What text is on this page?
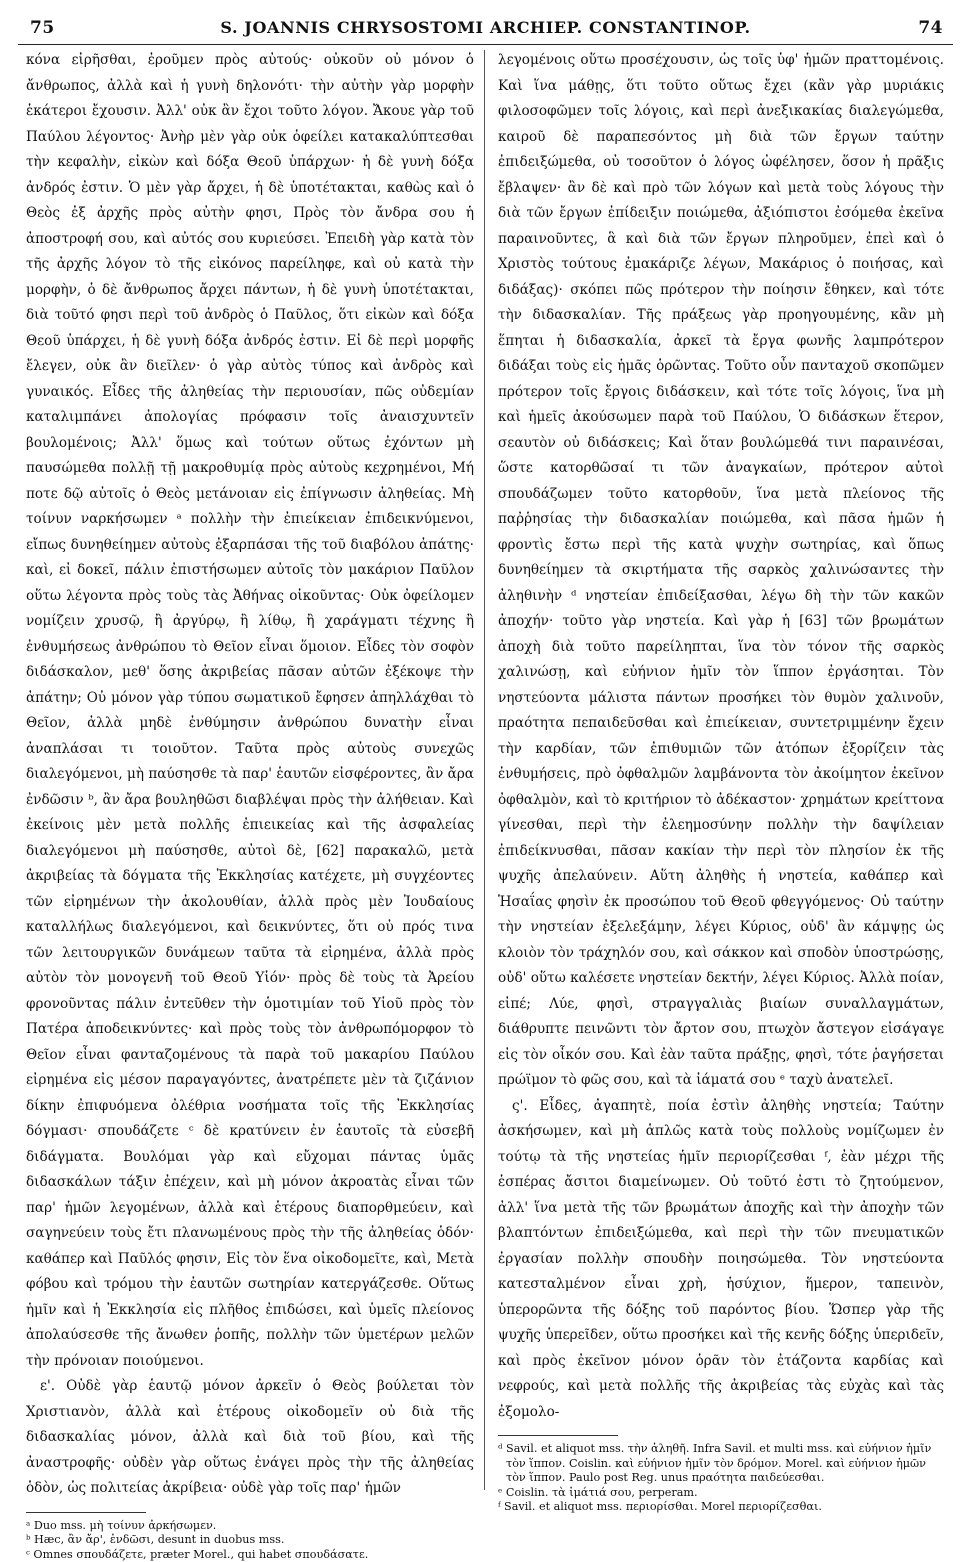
75	S. JOANNIS CHRYSOSTOMI ARCHIEP. CONSTANTINOP.	74

κόνα εἰρῆσθαι, ἐροῦμεν πρὸς αὐτούς· οὐκοῦν οὐ μόνον ὁ ἄνθρωπος, ἀλλὰ καὶ ἡ γυνὴ δηλονότι· τὴν αὐτὴν γὰρ μορφὴν ἑκάτεροι ἔχουσιν. Ἀλλ' οὐκ ἂν ἔχοι τοῦτο λόγον. Ἄκουε γὰρ τοῦ Παύλου λέγοντος· Ἀνὴρ μὲν γὰρ οὐκ ὀφείλει κατακαλύπτεσθαι τὴν κεφαλὴν, εἰκὼν καὶ δόξα Θεοῦ ὑπάρχων· ἡ δὲ γυνὴ δόξα ἀνδρός ἐστιν. Ὁ μὲν γὰρ ἄρχει, ἡ δὲ ὑποτέτακται, καθὼς καὶ ὁ Θεὸς ἐξ ἀρχῆς πρὸς αὐτὴν φησι, Πρὸς τὸν ἄνδρα σου ἡ ἀποστροφή σου, καὶ αὐτός σου κυριεύσει. Ἐπειδὴ γὰρ κατὰ τὸν τῆς ἀρχῆς λόγον τὸ τῆς εἰκόνος παρείληφε, καὶ οὐ κατὰ τὴν μορφὴν, ὁ δὲ ἄνθρωπος ἄρχει πάντων, ἡ δὲ γυνὴ ὑποτέτακται, διὰ τοῦτό φησι περὶ τοῦ ἀνδρὸς ὁ Παῦλος, ὅτι εἰκὼν καὶ δόξα Θεοῦ ὑπάρχει, ἡ δὲ γυνὴ δόξα ἀνδρός ἐστιν. Εἰ δὲ περὶ μορφῆς ἔλεγεν, οὐκ ἂν διεῖλεν· ὁ γὰρ αὐτὸς τύπος καὶ ἀνδρὸς καὶ γυναικός. Εἶδες τῆς ἀληθείας τὴν περιουσίαν, πῶς οὐδεμίαν καταλιμπάνει ἀπολογίας πρόφασιν τοῖς ἀναισχυντεῖν βουλομένοις; Ἀλλ' ὅμως καὶ τούτων οὕτως ἐχόντων μὴ παυσώμεθα πολλῇ τῇ μακροθυμίᾳ πρὸς αὐτοὺς κεχρημένοι, Μή ποτε δῷ αὐτοῖς ὁ Θεὸς μετάνοιαν εἰς ἐπίγνωσιν ἀληθείας. Μὴ τοίνυν ναρκήσωμεν ᵃ πολλὴν τὴν ἐπιείκειαν ἐπιδεικνύμενοι, εἴπως δυνηθείημεν αὐτοὺς ἐξαρπάσαι τῆς τοῦ διαβόλου ἀπάτης· καὶ, εἰ δοκεῖ, πάλιν ἐπιστήσωμεν αὐτοῖς τὸν μακάριον Παῦλον οὕτω λέγοντα πρὸς τοὺς τὰς Ἀθήνας οἰκοῦντας· Οὐκ ὀφείλομεν νομίζειν χρυσῷ, ἢ ἀργύρῳ, ἢ λίθῳ, ἢ χαράγματι τέχνης ἢ ἐνθυμήσεως ἀνθρώπου τὸ Θεῖον εἶναι ὅμοιον. Εἶδες τὸν σοφὸν διδάσκαλον, μεθ' ὅσης ἀκριβείας πᾶσαν αὐτῶν ἐξέκοψε τὴν ἀπάτην; Οὐ μόνον γὰρ τύπου σωματικοῦ ἔφησεν ἀπηλλάχθαι τὸ Θεῖον, ἀλλὰ μηδὲ ἐνθύμησιν ἀνθρώπου δυνατὴν εἶναι ἀναπλάσαι τι τοιοῦτον. Ταῦτα πρὸς αὐτοὺς συνεχῶς διαλεγόμενοι, μὴ παύσησθε τὰ παρ' ἑαυτῶν εἰσφέροντες, ἂν ἄρα ἐνδῶσιν ᵇ, ἂν ἄρα βουληθῶσι διαβλέψαι πρὸς τὴν ἀλήθειαν. Καὶ ἐκείνοις μὲν μετὰ πολλῆς ἐπιεικείας καὶ τῆς ἀσφαλείας διαλεγόμενοι μὴ παύσησθε, αὐτοὶ δὲ, [62] παρακαλῶ, μετὰ ἀκριβείας τὰ δόγματα τῆς Ἐκκλησίας κατέχετε, μὴ συγχέοντες τῶν εἰρημένων τὴν ἀκολουθίαν, ἀλλὰ πρὸς μὲν Ἰουδαίους καταλλήλως διαλεγόμενοι, καὶ δεικνύντες, ὅτι οὐ πρός τινα τῶν λειτουργικῶν δυνάμεων ταῦτα τὰ εἰρημένα, ἀλλὰ πρὸς αὐτὸν τὸν μονογενῆ τοῦ Θεοῦ Υἱόν· πρὸς δὲ τοὺς τὰ Ἀρείου φρονοῦντας πάλιν ἐντεῦθεν τὴν ὁμοτιμίαν τοῦ Υἱοῦ πρὸς τὸν Πατέρα ἀποδεικνύντες· καὶ πρὸς τοὺς τὸν ἀνθρωπόμορφον τὸ Θεῖον εἶναι φανταζομένους τὰ παρὰ τοῦ μακαρίου Παύλου εἰρημένα εἰς μέσον παραγαγόντες, ἀνατρέπετε μὲν τὰ ζιζάνιον δίκην ἐπιφυόμενα ὀλέθρια νοσήματα τοῖς τῆς Ἐκκλησίας δόγμασι· σπουδάζετε ᶜ δὲ κρατύνειν ἐν ἑαυτοῖς τὰ εὐσεβῆ διδάγματα. Βουλόμαι γὰρ καὶ εὔχομαι πάντας ὑμᾶς διδασκάλων τάξιν ἐπέχειν, καὶ μὴ μόνον ἀκροατὰς εἶναι τῶν παρ' ἡμῶν λεγομένων, ἀλλὰ καὶ ἑτέρους διαπορθμεύειν, καὶ σαγηνεύειν τοὺς ἔτι πλανωμένους πρὸς τὴν τῆς ἀληθείας ὁδόν· καθάπερ καὶ Παῦλός φησιν, Εἰς τὸν ἕνα οἰκοδομεῖτε, καὶ, Μετὰ φόβου καὶ τρόμου τὴν ἑαυτῶν σωτηρίαν κατεργάζεσθε. Οὕτως ἡμῖν καὶ ἡ Ἐκκλησία εἰς πλῆθος ἐπιδώσει, καὶ ὑμεῖς πλείονος ἀπολαύσεσθε τῆς ἄνωθεν ῥοπῆς, πολλὴν τῶν ὑμετέρων μελῶν τὴν πρόνοιαν ποιούμενοι.

ε'. Οὐδὲ γὰρ ἑαυτῷ μόνον ἀρκεῖν ὁ Θεὸς βούλεται τὸν Χριστιανὸν, ἀλλὰ καὶ ἑτέρους οἰκοδομεῖν οὐ διὰ τῆς διδασκαλίας μόνον, ἀλλὰ καὶ διὰ τοῦ βίου, καὶ τῆς ἀναστροφῆς· οὐδὲν γὰρ οὕτως ἐνάγει πρὸς τὴν τῆς ἀληθείας ὁδὸν, ὡς πολιτείας ἀκρίβεια· οὐδὲ γὰρ τοῖς παρ' ἡμῶν

ᵃ Duo mss. μὴ τοίνυν ἀρκήσωμεν.

ᵇ Hæc, ἂν ἄρ', ἐνδῶσι, desunt in duobus mss.

ᶜ Omnes σπουδάζετε, præter Morel., qui habet σπουδάσατε.

λεγομένοις οὕτω προσέχουσιν, ὡς τοῖς ὑφ' ἡμῶν πραττομένοις. Καὶ ἵνα μάθῃς, ὅτι τοῦτο οὕτως ἔχει (κἂν γὰρ μυριάκις φιλοσοφῶμεν τοῖς λόγοις, καὶ περὶ ἀνεξικακίας διαλεγώμεθα, καιροῦ δὲ παραπεσόντος μὴ διὰ τῶν ἔργων ταύτην ἐπιδειξώμεθα, οὐ τοσοῦτον ὁ λόγος ὠφέλησεν, ὅσον ἡ πρᾶξις ἔβλαψεν· ἂν δὲ καὶ πρὸ τῶν λόγων καὶ μετὰ τοὺς λόγους τὴν διὰ τῶν ἔργων ἐπίδειξιν ποιώμεθα, ἀξιόπιστοι ἐσόμεθα ἐκεῖνα παραινοῦντες, ἃ καὶ διὰ τῶν ἔργων πληροῦμεν, ἐπεὶ καὶ ὁ Χριστὸς τούτους ἐμακάριζε λέγων, Μακάριος ὁ ποιήσας, καὶ διδάξας)· σκόπει πῶς πρότερον τὴν ποίησιν ἔθηκεν, καὶ τότε τὴν διδασκαλίαν. Τῆς πράξεως γὰρ προηγουμένης, κἂν μὴ ἕπηται ἡ διδασκαλία, ἀρκεῖ τὰ ἔργα φωνῆς λαμπρότερον διδάξαι τοὺς εἰς ἡμᾶς ὁρῶντας. Τοῦτο οὖν πανταχοῦ σκοπῶμεν πρότερον τοῖς ἔργοις διδάσκειν, καὶ τότε τοῖς λόγοις, ἵνα μὴ καὶ ἡμεῖς ἀκούσωμεν παρὰ τοῦ Παύλου, Ὁ διδάσκων ἕτερον, σεαυτὸν οὐ διδάσκεις; Καὶ ὅταν βουλώμεθά τινι παραινέσαι, ὥστε κατορθῶσαί τι τῶν ἀναγκαίων, πρότερον αὐτοὶ σπουδάζωμεν τοῦτο κατορθοῦν, ἵνα μετὰ πλείονος τῆς παῤῥησίας τὴν διδασκαλίαν ποιώμεθα, καὶ πᾶσα ἡμῶν ἡ φροντὶς ἔστω περὶ τῆς κατὰ ψυχὴν σωτηρίας, καὶ ὅπως δυνηθείημεν τὰ σκιρτήματα τῆς σαρκὸς χαλινώσαντες τὴν ἀληθινὴν ᵈ νηστείαν ἐπιδείξασθαι, λέγω δὴ τὴν τῶν κακῶν ἀποχήν· τοῦτο γὰρ νηστεία. Καὶ γὰρ ἡ [63] τῶν βρωμάτων ἀποχὴ διὰ τοῦτο παρείληπται, ἵνα τὸν τόνον τῆς σαρκὸς χαλινώσῃ, καὶ εὐήνιον ἡμῖν τὸν ἵππον ἐργάσηται. Τὸν νηστεύοντα μάλιστα πάντων προσήκει τὸν θυμὸν χαλινοῦν, πραότητα πεπαιδεῦσθαι καὶ ἐπιείκειαν, συντετριμμένην ἔχειν τὴν καρδίαν, τῶν ἐπιθυμιῶν τῶν ἀτόπων ἐξορίζειν τὰς ἐνθυμήσεις, πρὸ ὀφθαλμῶν λαμβάνοντα τὸν ἀκοίμητον ἐκεῖνον ὀφθαλμὸν, καὶ τὸ κριτήριον τὸ ἀδέκαστον· χρημάτων κρείττονα γίνεσθαι, περὶ τὴν ἐλεημοσύνην πολλὴν τὴν δαψίλειαν ἐπιδείκνυσθαι, πᾶσαν κακίαν τὴν περὶ τὸν πλησίον ἐκ τῆς ψυχῆς ἀπελαύνειν. Αὕτη ἀληθὴς ἡ νηστεία, καθάπερ καὶ Ἡσαΐας φησὶν ἐκ προσώπου τοῦ Θεοῦ φθεγγόμενος· Οὐ ταύτην τὴν νηστείαν ἐξελεξάμην, λέγει Κύριος, οὐδ' ἂν κάμψῃς ὡς κλοιὸν τὸν τράχηλόν σου, καὶ σάκκον καὶ σποδὸν ὑποστρώσῃς, οὐδ' οὕτω καλέσετε νηστείαν δεκτήν, λέγει Κύριος. Ἀλλὰ ποίαν, εἰπέ; Λύε, φησὶ, στραγγαλιὰς βιαίων συναλλαγμάτων, διάθρυπτε πεινῶντι τὸν ἄρτον σου, πτωχὸν ἄστεγον εἰσάγαγε εἰς τὸν οἶκόν σου. Καὶ ἐὰν ταῦτα πράξῃς, φησὶ, τότε ῥαγήσεται πρώϊμον τὸ φῶς σου, καὶ τὰ ἰάματά σου ᵉ ταχὺ ἀνατελεῖ.

ς'. Εἶδες, ἀγαπητὲ, ποία ἐστὶν ἀληθὴς νηστεία; Ταύτην ἀσκήσωμεν, καὶ μὴ ἁπλῶς κατὰ τοὺς πολλοὺς νομίζωμεν ἐν τούτῳ τὰ τῆς νηστείας ἡμῖν περιορίζεσθαι ᶠ, ἐὰν μέχρι τῆς ἑσπέρας ἄσιτοι διαμείνωμεν. Οὐ τοῦτό ἐστι τὸ ζητούμενον, ἀλλ' ἵνα μετὰ τῆς τῶν βρωμάτων ἀποχῆς καὶ τὴν ἀποχὴν τῶν βλαπτόντων ἐπιδειξώμεθα, καὶ περὶ τὴν τῶν πνευματικῶν ἐργασίαν πολλὴν σπουδὴν ποιησώμεθα. Τὸν νηστεύοντα κατεσταλμένον εἶναι χρὴ, ἡσύχιον, ἥμερον, ταπεινὸν, ὑπερορῶντα τῆς δόξης τοῦ παρόντος βίου. Ὥσπερ γὰρ τῆς ψυχῆς ὑπερεῖδεν, οὕτω προσήκει καὶ τῆς κενῆς δόξης ὑπεριδεῖν, καὶ πρὸς ἐκεῖνον μόνον ὁρᾶν τὸν ἐτάζοντα καρδίας καὶ νεφρούς, καὶ μετὰ πολλῆς τῆς ἀκριβείας τὰς εὐχὰς καὶ τὰς ἐξομολο-

ᵈ Savil. et aliquot mss. τὴν ἀληθῆ. Infra Savil. et multi mss. καὶ εὐήνιον ἡμῖν τὸν ἵππον. Coislin. καὶ εὐήνιον ἡμῖν τὸν δρόμον. Morel. καὶ εὐήνιον ἡμῶν τὸν ἵππον. Paulo post Reg. unus πραότητα παιδεύεσθαι.

ᵉ Coislin. τὰ ἱμάτιά σου, perperam.

ᶠ Savil. et aliquot mss. περιορίσθαι. Morel περιορίζεσθαι.
